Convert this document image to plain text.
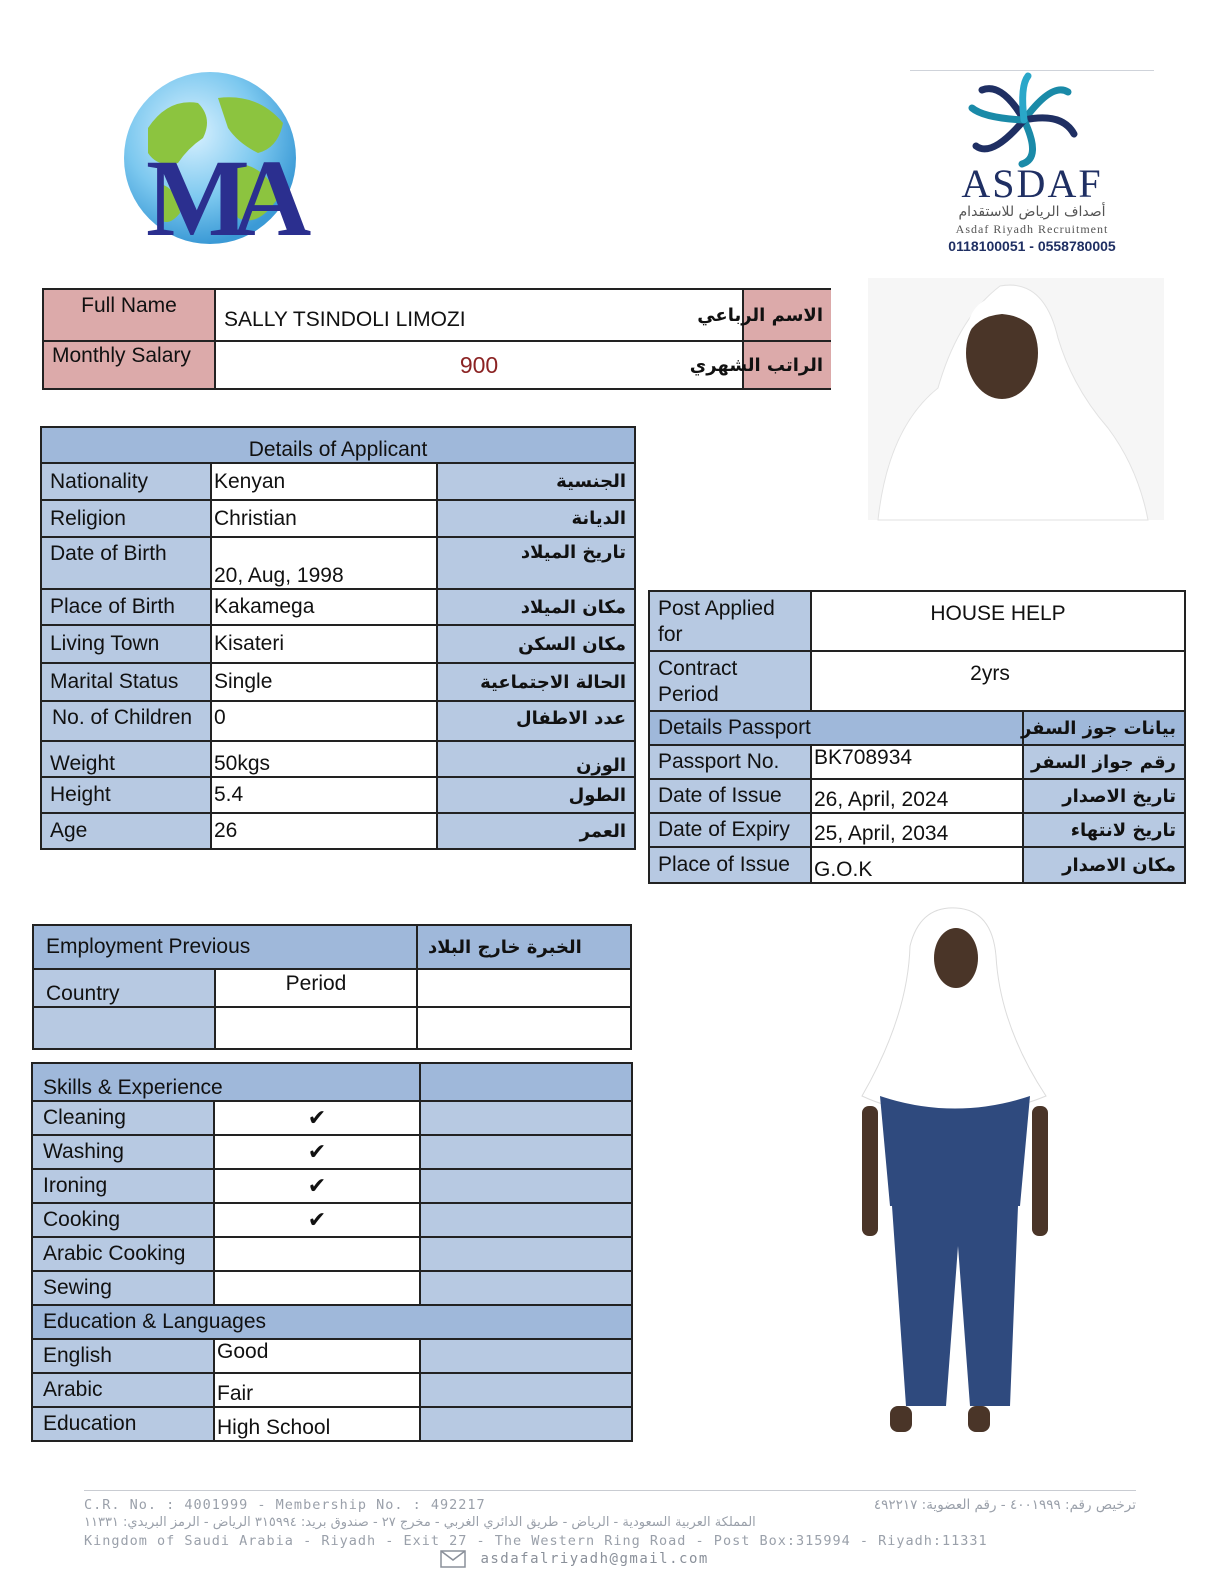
MA	ASDAF
أصداف الرياض للاستقدام
Asdaf Riyadh Recruitment
0118100051 - 0558780005
Full Name	SALLY TSINDOLI LIMOZI	الاسم الرباعي
Monthly Salary	900	الراتب الشهري
Details of Applicant		
Nationality	Kenyan	الجنسية
Religion	Christian	الديانة
Date of Birth	20, Aug, 1998	تاريخ الميلاد
Place of Birth	Kakamega	مكان الميلاد
Living Town	Kisateri	مكان السكن
Marital Status	Single	الحالة الاجتماعية
No. of Children	0	عدد الاطفال
Weight	50kgs	الوزن
Height	5.4	الطول
Age	26	العمر
Post Applied for	HOUSE HELP	
Contract Period	2yrs	
Details Passport		بيانات جوز السفر
Passport No.	BK708934	رقم جواز السفر
Date of Issue	26, April, 2024	تاريخ الاصدار
Date of Expiry	25, April, 2034	تاريخ لانتهاء
Place of Issue	G.O.K	مكان الاصدار
Employment Previous		الخبرة خارج البلاد
Country	Period	

Skills & Experience		
Cleaning	✔	
Washing	✔	
Ironing	✔	
Cooking	✔	
Arabic Cooking		
Sewing		
Education & Languages		
English	Good	
Arabic	Fair	
Education	High School	
C.R. No. : 4001999 - Membership No. : 492217	ترخيص رقم: ٤٠٠١٩٩٩ - رقم العضوية: ٤٩٢٢١٧
المملكة العربية السعودية - الرياض - طريق الدائري الغربي - مخرج ٢٧ - صندوق بريد: ٣١٥٩٩٤ الرياض - الرمز البريدي: ١١٣٣١
Kingdom of Saudi Arabia - Riyadh - Exit 27 - The Western Ring Road - Post Box:315994 - Riyadh:11331
asdafalriyadh@gmail.com
